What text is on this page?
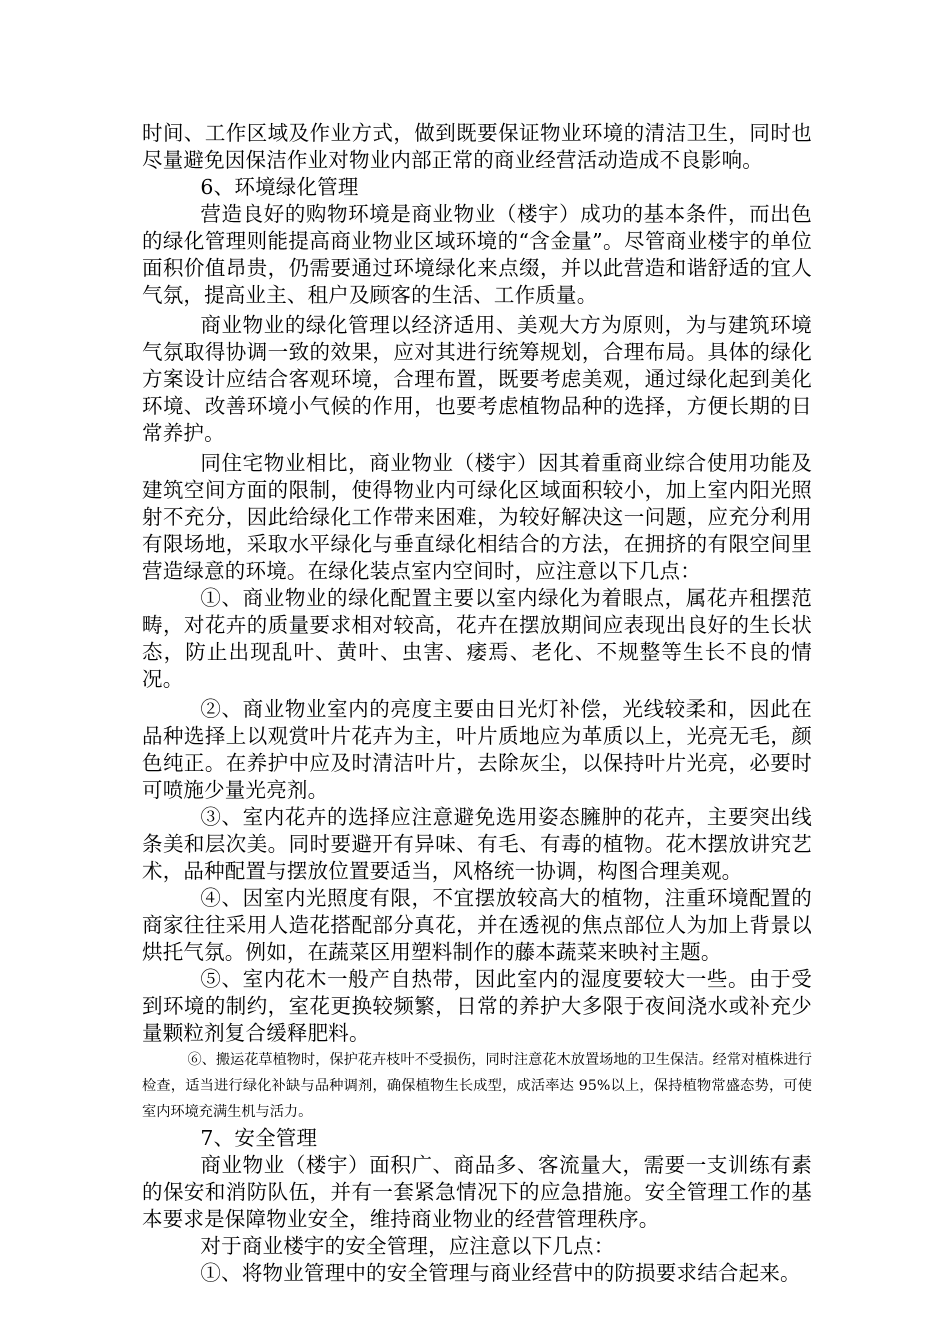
时间、工作区域及作业方式，做到既要保证物业环境的清洁卫生，同时也尽量避免因保洁作业对物业内部正常的商业经营活动造成不良影响。

6、环境绿化管理

营造良好的购物环境是商业物业（楼宇）成功的基本条件，而出色的绿化管理则能提高商业物业区域环境的“含金量”。尽管商业楼宇的单位面积价值昂贵，仍需要通过环境绿化来点缀，并以此营造和谐舒适的宜人气氛，提高业主、租户及顾客的生活、工作质量。

商业物业的绿化管理以经济适用、美观大方为原则，为与建筑环境气氛取得协调一致的效果，应对其进行统筹规划，合理布局。具体的绿化方案设计应结合客观环境，合理布置，既要考虑美观，通过绿化起到美化环境、改善环境小气候的作用，也要考虑植物品种的选择，方便长期的日常养护。

同住宅物业相比，商业物业（楼宇）因其着重商业综合使用功能及建筑空间方面的限制，使得物业内可绿化区域面积较小，加上室内阳光照射不充分，因此给绿化工作带来困难，为较好解决这一问题，应充分利用有限场地，采取水平绿化与垂直绿化相结合的方法，在拥挤的有限空间里营造绿意的环境。在绿化装点室内空间时，应注意以下几点：

①、商业物业的绿化配置主要以室内绿化为着眼点，属花卉租摆范畴，对花卉的质量要求相对较高，花卉在摆放期间应表现出良好的生长状态，防止出现乱叶、黄叶、虫害、痿焉、老化、不规整等生长不良的情况。

②、商业物业室内的亮度主要由日光灯补偿，光线较柔和，因此在品种选择上以观赏叶片花卉为主，叶片质地应为革质以上，光亮无毛，颜色纯正。在养护中应及时清洁叶片，去除灰尘，以保持叶片光亮，必要时可喷施少量光亮剂。

③、室内花卉的选择应注意避免选用姿态臃肿的花卉，主要突出线条美和层次美。同时要避开有异味、有毛、有毒的植物。花木摆放讲究艺术，品种配置与摆放位置要适当，风格统一协调，构图合理美观。

④、因室内光照度有限，不宜摆放较高大的植物，注重环境配置的商家往往采用人造花搭配部分真花，并在透视的焦点部位人为加上背景以烘托气氛。例如，在蔬菜区用塑料制作的藤本蔬菜来映衬主题。

⑤、室内花木一般产自热带，因此室内的湿度要较大一些。由于受到环境的制约，室花更换较频繁，日常的养护大多限于夜间浇水或补充少量颗粒剂复合缓释肥料。

⑥、搬运花草植物时，保护花卉枝叶不受损伤，同时注意花木放置场地的卫生保洁。经常对植株进行检查，适当进行绿化补缺与品种调剂，确保植物生长成型，成活率达 95%以上，保持植物常盛态势，可使室内环境充满生机与活力。

7、安全管理

商业物业（楼宇）面积广、商品多、客流量大，需要一支训练有素的保安和消防队伍，并有一套紧急情况下的应急措施。安全管理工作的基本要求是保障物业安全，维持商业物业的经营管理秩序。

对于商业楼宇的安全管理，应注意以下几点：

①、将物业管理中的安全管理与商业经营中的防损要求结合起来。
